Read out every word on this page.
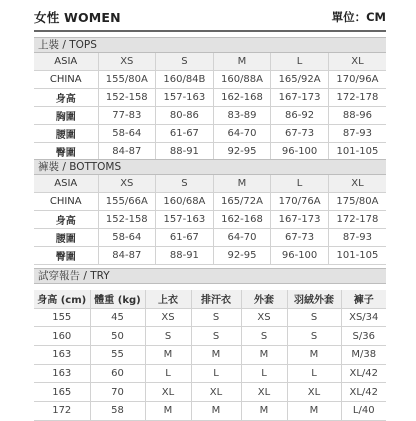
女性 WOMEN	單位：CM
上裝 / TOPS
ASIA	XS	S	M	L	XL
CHINA	155/80A	160/84B	160/88A	165/92A	170/96A
身高	152-158	157-163	162-168	167-173	172-178
胸圍	77-83	80-86	83-89	86-92	88-96
腰圍	58-64	61-67	64-70	67-73	87-93
臀圍	84-87	88-91	92-95	96-100	101-105
褲裝 / BOTTOMS
ASIA	XS	S	M	L	XL
CHINA	155/66A	160/68A	165/72A	170/76A	175/80A
身高	152-158	157-163	162-168	167-173	172-178
腰圍	58-64	61-67	64-70	67-73	87-93
臀圍	84-87	88-91	92-95	96-100	101-105
試穿報告 / TRY
身高 (cm)	體重 (kg)	上衣	排汗衣	外套	羽絨外套	褲子
155	45	XS	S	XS	S	XS/34
160	50	S	S	S	S	S/36
163	55	M	M	M	M	M/38
163	60	L	L	L	L	XL/42
165	70	XL	XL	XL	XL	XL/42
172	58	M	M	M	M	L/40
